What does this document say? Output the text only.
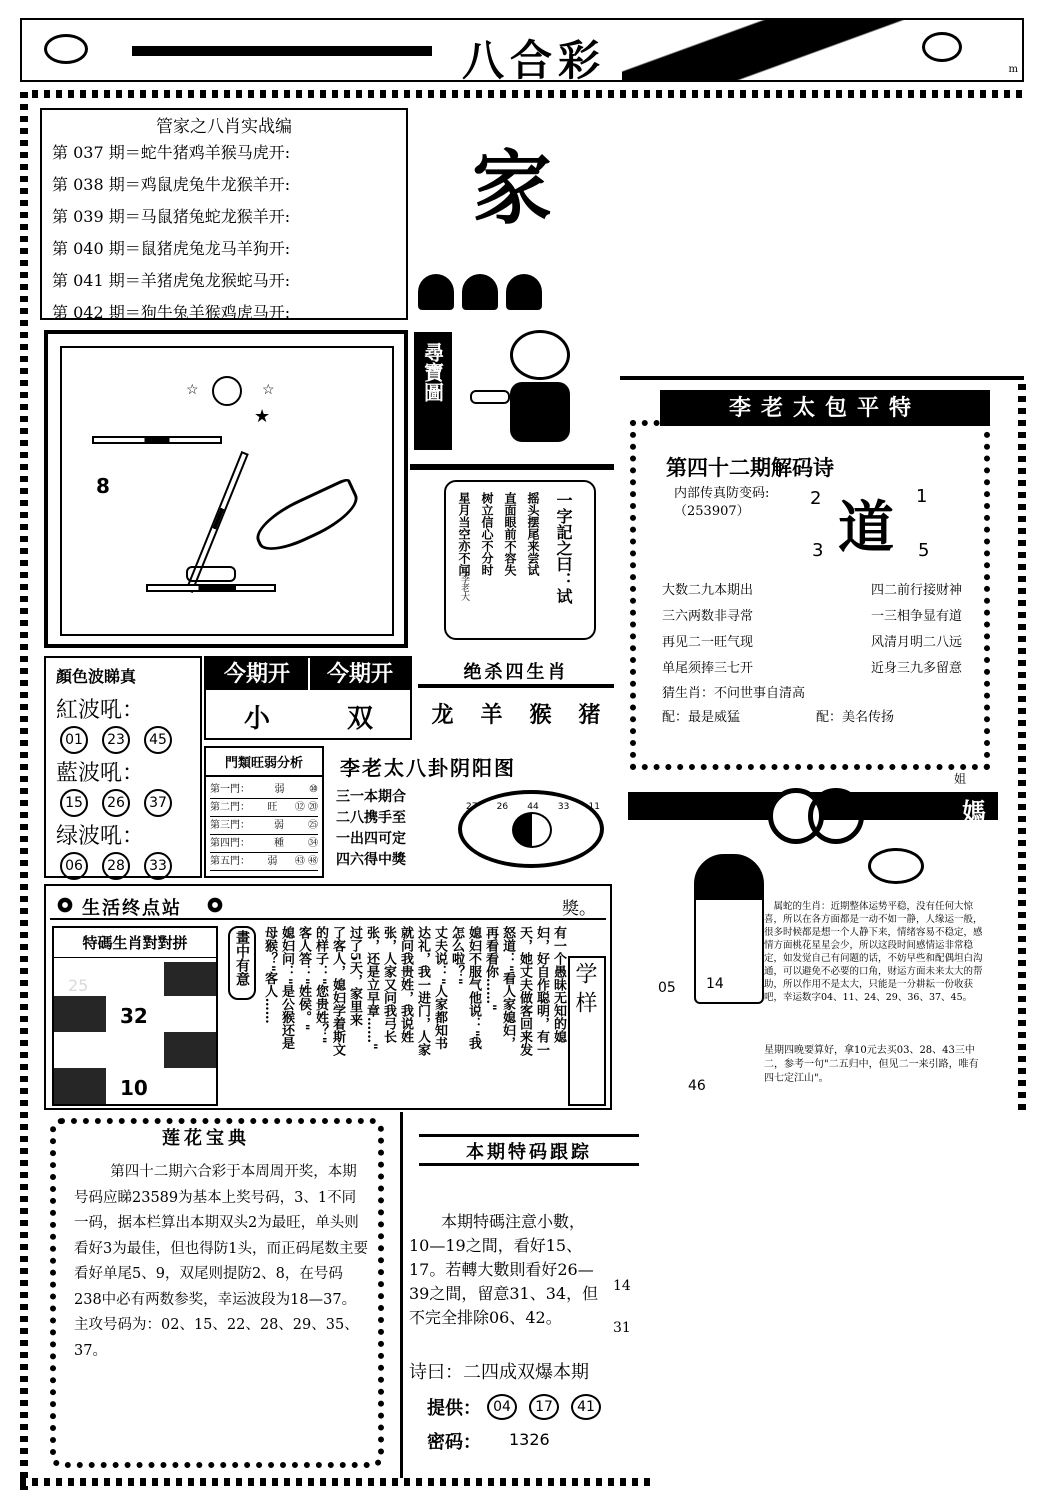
八合彩	m
管家之八肖实战编
第 037 期＝蛇牛猪鸡羊猴马虎开:
第 038 期＝鸡鼠虎兔牛龙猴羊开:
第 039 期＝马鼠猪兔蛇龙猴羊开:
第 040 期＝鼠猪虎兔龙马羊狗开:
第 041 期＝羊猪虎兔龙猴蛇马开:
第 042 期＝狗牛兔羊猴鸡虎马开:
家
☆	☆
★
8
尋寶圖
一字記之曰：试
摇头摆尾来尝试
直面眼前不容失
树立信心不分时
星月当空亦不闻
李老大
顏色波睇真
紅波吼：
01	23	45
藍波吼：
15	26	37
绿波吼：
06	28	33
今期开	今期开
小	双
绝杀四生肖
龙 羊 猴 猪
門類旺弱分析
第一門： 弱 ⑩
第二門： 旺 ⑫ ⑳
第三門： 弱 ㉕
第四門： 種 ㉞
第五門： 弱 ㊸ ㊽
李老太八卦阴阳图
三一本期合
二八携手至
一出四可定
四六得中獎
27 26 44 33 11
李老太包平特
第四十二期解码诗
内部传真防变码:
（253907） 道
2	1
3	5
大数二九本期出	四二前行接财神
三六两数非寻常	一三相争显有道
再见二一旺气现	风清月明二八远
单尾须捧三七开	近身三九多留意
猜生肖：不问世事自清高
配：最是威猛	配：美名传扬
姐
媽
05 14
46
属蛇的生肖：近期整体运势平稳，没有任何大惊喜，所以在各方面都是一动不如一静，人缘运一般，很多时候都是想一个人静下来，情绪容易不稳定，感情方面桃花星星会少，所以这段时间感情运非常稳定，如发觉自己有问题的话，不妨早些和配偶坦白沟通，可以避免不必要的口角，财运方面未来太大的帮助，所以作用不是太大，只能是一分耕耘一份收获吧，幸运数字04、11、24、29、36、37、45。
星期四晚要算好，拿10元去买03、28、43三中二，参考一句"二五归中，但见二一来引路，唯有四七定江山"。
生活终点站	獎。
特碼生肖對對拼
32
10
畫中有意	有一个愚昧无知的媳
妇，好自作聪明，有一
天，她丈夫做客回来发
怒道："看人家媳妇，
再看看你……"
媳妇不服气他说："我
怎么啦？"
丈夫说："人家都知书
达礼，我一进门，人家
就问我贵姓，我说姓
张，人家又问我弓长
张，还是立早章……"
过了5天，家里来
了客人，媳妇学着斯文
的样子："您贵姓？"
客人答："姓侯。"
媳妇问："是公猴还是
母猴？"客人……	学 样
莲花宝典
第四十二期六合彩于本周周开奖，本期号码应睇23589为基本上奖号码，3、1不同一码，据本栏算出本期双头2为最旺，单头则看好3为最佳，但也得防1头，而正码尾数主要看好单尾5、9，双尾则提防2、8，在号码238中必有两数参奖，幸运波段为18—37。主攻号码为：02、15、22、28、29、35、37。
本期特码跟踪
本期特碼注意小數，10—19之間，看好15、17。若轉大數則看好26—39之間，留意31、34，但不完全排除06、42。
14
31
诗曰：二四成双爆本期
提供： 04	17	41
密码： 1326
